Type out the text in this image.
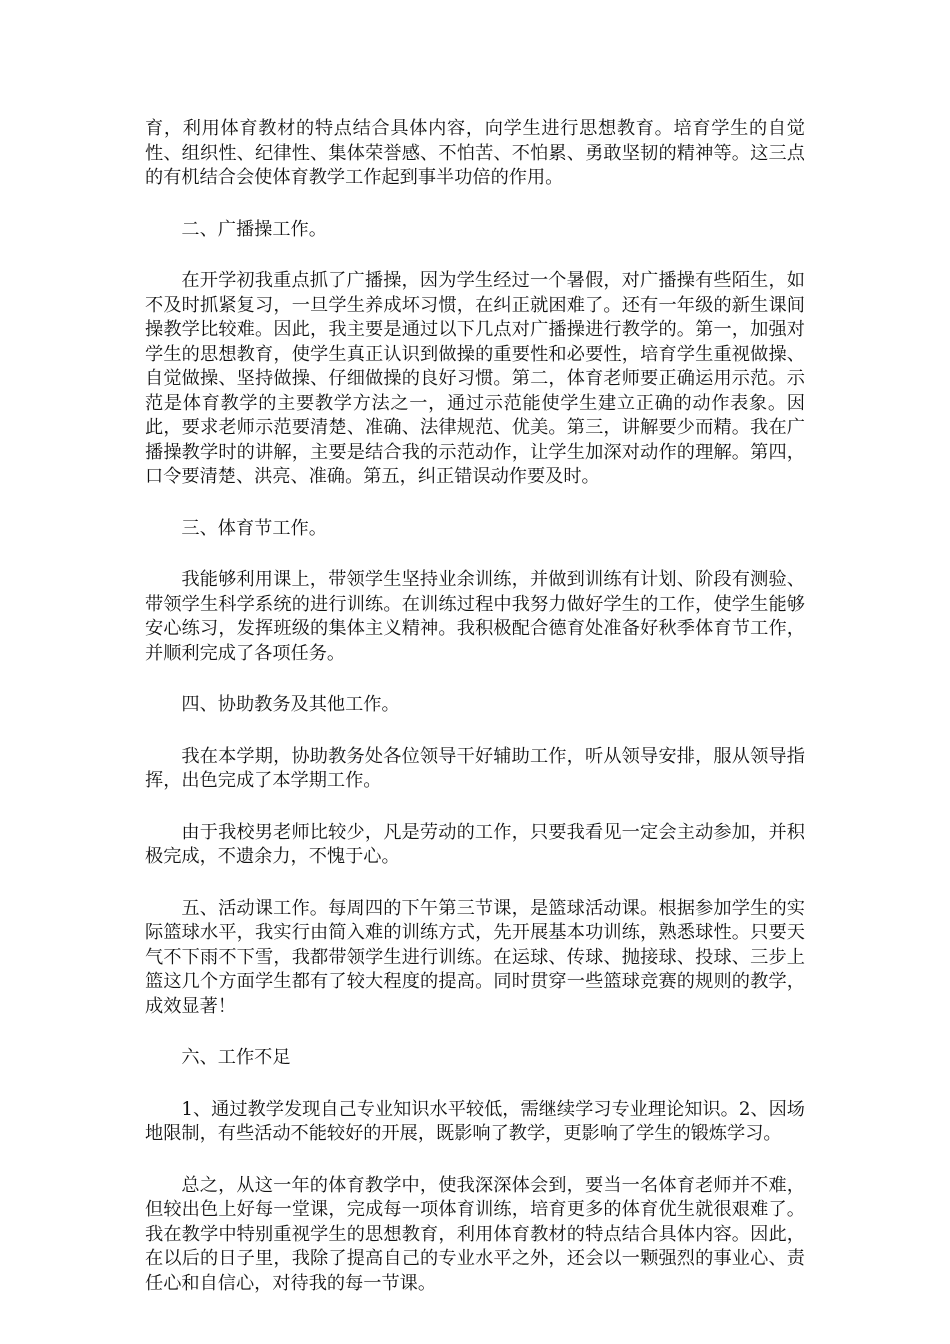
育，利用体育教材的特点结合具体内容，向学生进行思想教育。培育学生的自觉性、组织性、纪律性、集体荣誉感、不怕苦、不怕累、勇敢坚韧的精神等。这三点的有机结合会使体育教学工作起到事半功倍的作用。

二、广播操工作。

在开学初我重点抓了广播操，因为学生经过一个暑假，对广播操有些陌生，如不及时抓紧复习，一旦学生养成坏习惯，在纠正就困难了。还有一年级的新生课间操教学比较难。因此，我主要是通过以下几点对广播操进行教学的。第一，加强对学生的思想教育，使学生真正认识到做操的重要性和必要性，培育学生重视做操、自觉做操、坚持做操、仔细做操的良好习惯。第二，体育老师要正确运用示范。示范是体育教学的主要教学方法之一，通过示范能使学生建立正确的动作表象。因此，要求老师示范要清楚、准确、法律规范、优美。第三，讲解要少而精。我在广播操教学时的讲解，主要是结合我的示范动作，让学生加深对动作的理解。第四，口令要清楚、洪亮、准确。第五，纠正错误动作要及时。

三、体育节工作。

我能够利用课上，带领学生坚持业余训练，并做到训练有计划、阶段有测验、带领学生科学系统的进行训练。在训练过程中我努力做好学生的工作，使学生能够安心练习，发挥班级的集体主义精神。我积极配合德育处准备好秋季体育节工作，并顺利完成了各项任务。

四、协助教务及其他工作。

我在本学期，协助教务处各位领导干好辅助工作，听从领导安排，服从领导指挥，出色完成了本学期工作。

由于我校男老师比较少，凡是劳动的工作，只要我看见一定会主动参加，并积极完成，不遗余力，不愧于心。

五、活动课工作。每周四的下午第三节课，是篮球活动课。根据参加学生的实际篮球水平，我实行由简入难的训练方式，先开展基本功训练，熟悉球性。只要天气不下雨不下雪，我都带领学生进行训练。在运球、传球、抛接球、投球、三步上篮这几个方面学生都有了较大程度的提高。同时贯穿一些篮球竞赛的规则的教学，成效显著！

六、工作不足

1、通过教学发现自己专业知识水平较低，需继续学习专业理论知识。2、因场地限制，有些活动不能较好的开展，既影响了教学，更影响了学生的锻炼学习。

总之，从这一年的体育教学中，使我深深体会到，要当一名体育老师并不难，但较出色上好每一堂课，完成每一项体育训练，培育更多的体育优生就很艰难了。我在教学中特别重视学生的思想教育，利用体育教材的特点结合具体内容。因此，在以后的日子里，我除了提高自己的专业水平之外，还会以一颗强烈的事业心、责任心和自信心，对待我的每一节课。
